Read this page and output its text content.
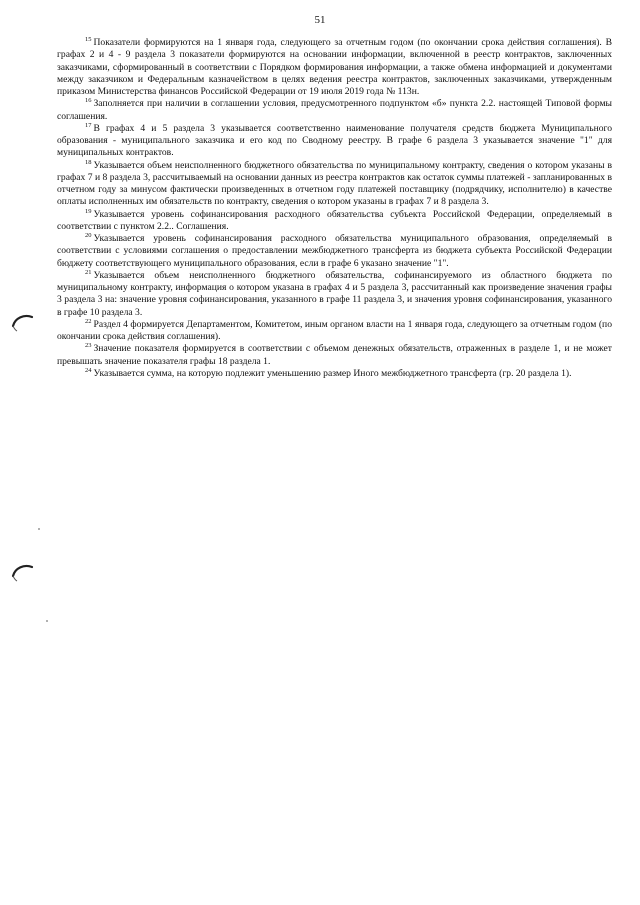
51

$^{15}$ Показатели формируются на 1 января года, следующего за отчетным годом (по окончании срока действия соглашения). В графах 2 и 4 - 9 раздела 3 показатели формируются на основании информации, включенной в реестр контрактов, заключенных заказчиками, сформированный в соответствии с Порядком формирования информации, а также обмена информацией и документами между заказчиком и Федеральным казначейством в целях ведения реестра контрактов, заключенных заказчиками, утвержденным приказом Министерства финансов Российской Федерации от 19 июля 2019 года № 113н.

$^{16}$ Заполняется при наличии в соглашении условия, предусмотренного подпунктом «б» пункта 2.2. настоящей Типовой формы соглашения.

$^{17}$ В графах 4 и 5 раздела 3 указывается соответственно наименование получателя средств бюджета Муниципального образования - муниципального заказчика и его код по Сводному реестру. В графе 6 раздела 3 указывается значение "1" для муниципальных контрактов.

$^{18}$ Указывается объем неисполненного бюджетного обязательства по муниципальному контракту, сведения о котором указаны в графах 7 и 8 раздела 3, рассчитываемый на основании данных из реестра контрактов как остаток суммы платежей - запланированных в отчетном году за минусом фактически произведенных в отчетном году платежей поставщику (подрядчику, исполнителю) в качестве оплаты исполненных им обязательств по контракту, сведения о котором указаны в графах 7 и 8 раздела 3.

$^{19}$ Указывается уровень софинансирования расходного обязательства субъекта Российской Федерации, определяемый в соответствии с пунктом 2.2.. Соглашения.

$^{20}$ Указывается уровень софинансирования расходного обязательства муниципального образования, определяемый в соответствии с условиями соглашения о предоставлении межбюджетного трансферта из бюджета субъекта Российской Федерации бюджету соответствующего муниципального образования, если в графе 6 указано значение "1".

$^{21}$ Указывается объем неисполненного бюджетного обязательства, софинансируемого из областного бюджета по муниципальному контракту, информация о котором указана в графах 4 и 5 раздела 3, рассчитанный как произведение значения графы 3 раздела 3 на: значение уровня софинансирования, указанного в графе 11 раздела 3, и значения уровня софинансирования, указанного в графе 10 раздела 3.

$^{22}$ Раздел 4 формируется Департаментом, Комитетом, иным органом власти на 1 января года, следующего за отчетным годом (по окончании срока действия соглашения).

$^{23}$ Значение показателя формируется в соответствии с объемом денежных обязательств, отраженных в разделе 1, и не может превышать значение показателя графы 18 раздела 1.

$^{24}$ Указывается сумма, на которую подлежит уменьшению размер Иного межбюджетного трансферта (гр. 20 раздела 1).
